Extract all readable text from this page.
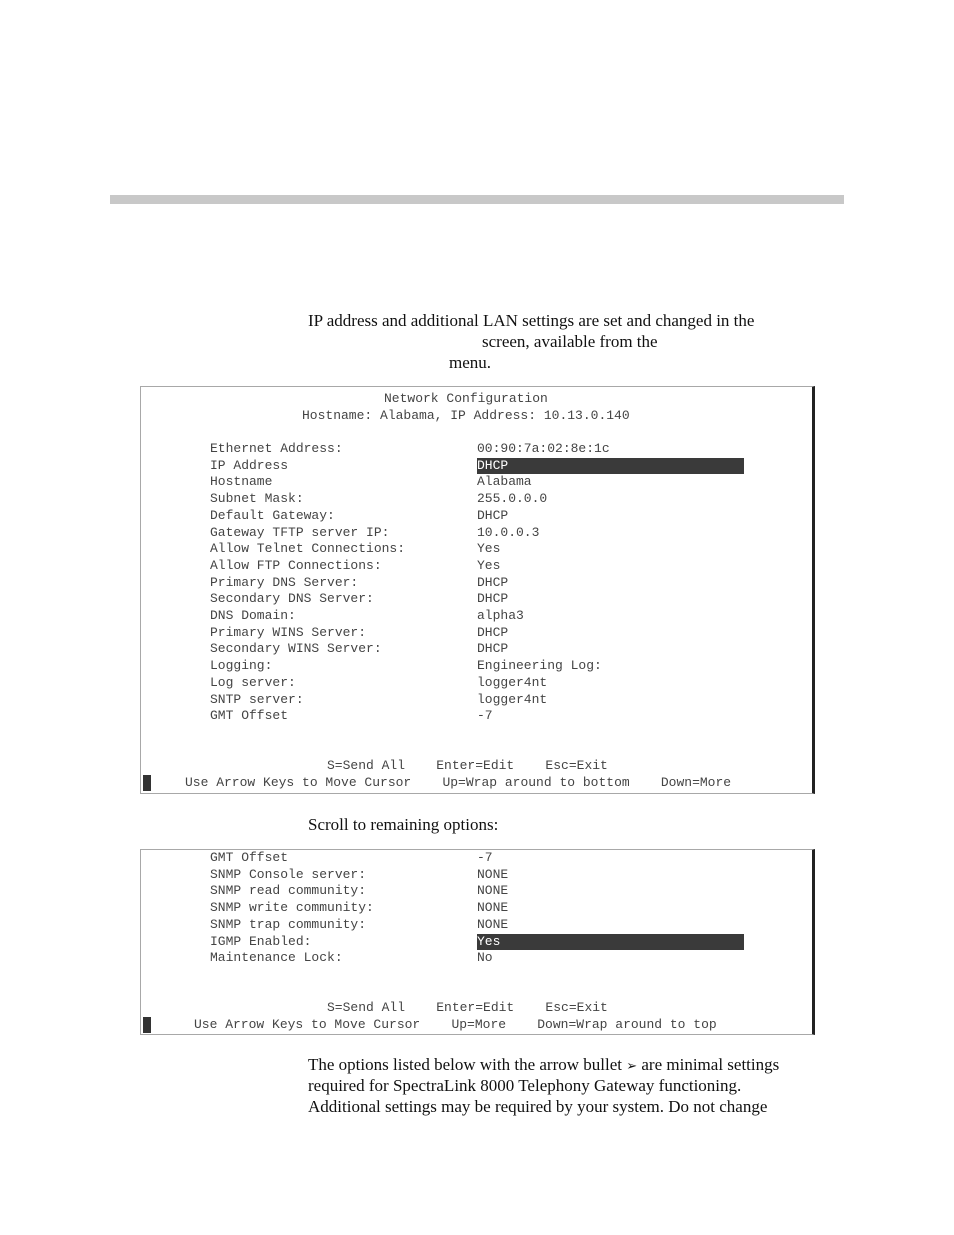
IP address and additional LAN settings are set and changed in the
screen, available from the
menu.
Network Configuration
Hostname: Alabama, IP Address: 10.13.0.140
Ethernet Address:	00:90:7a:02:8e:1c
IP Address	DHCP
Hostname	Alabama
Subnet Mask:	255.0.0.0
Default Gateway:	DHCP
Gateway TFTP server IP:	10.0.0.3
Allow Telnet Connections:	Yes
Allow FTP Connections:	Yes
Primary DNS Server:	DHCP
Secondary DNS Server:	DHCP
DNS Domain:	alpha3
Primary WINS Server:	DHCP
Secondary WINS Server:	DHCP
Logging:	Engineering Log:
Log server:	logger4nt
SNTP server:	logger4nt
GMT Offset	-7
S=Send All    Enter=Edit    Esc=Exit
Use Arrow Keys to Move Cursor    Up=Wrap around to bottom    Down=More
Scroll to remaining options:
GMT Offset	-7
SNMP Console server:	NONE
SNMP read community:	NONE
SNMP write community:	NONE
SNMP trap community:	NONE
IGMP Enabled:	Yes
Maintenance Lock:	No
S=Send All    Enter=Edit    Esc=Exit
Use Arrow Keys to Move Cursor    Up=More    Down=Wrap around to top
The options listed below with the arrow bullet ➢ are minimal settings
required for SpectraLink 8000 Telephony Gateway functioning.
Additional settings may be required by your system. Do not change
